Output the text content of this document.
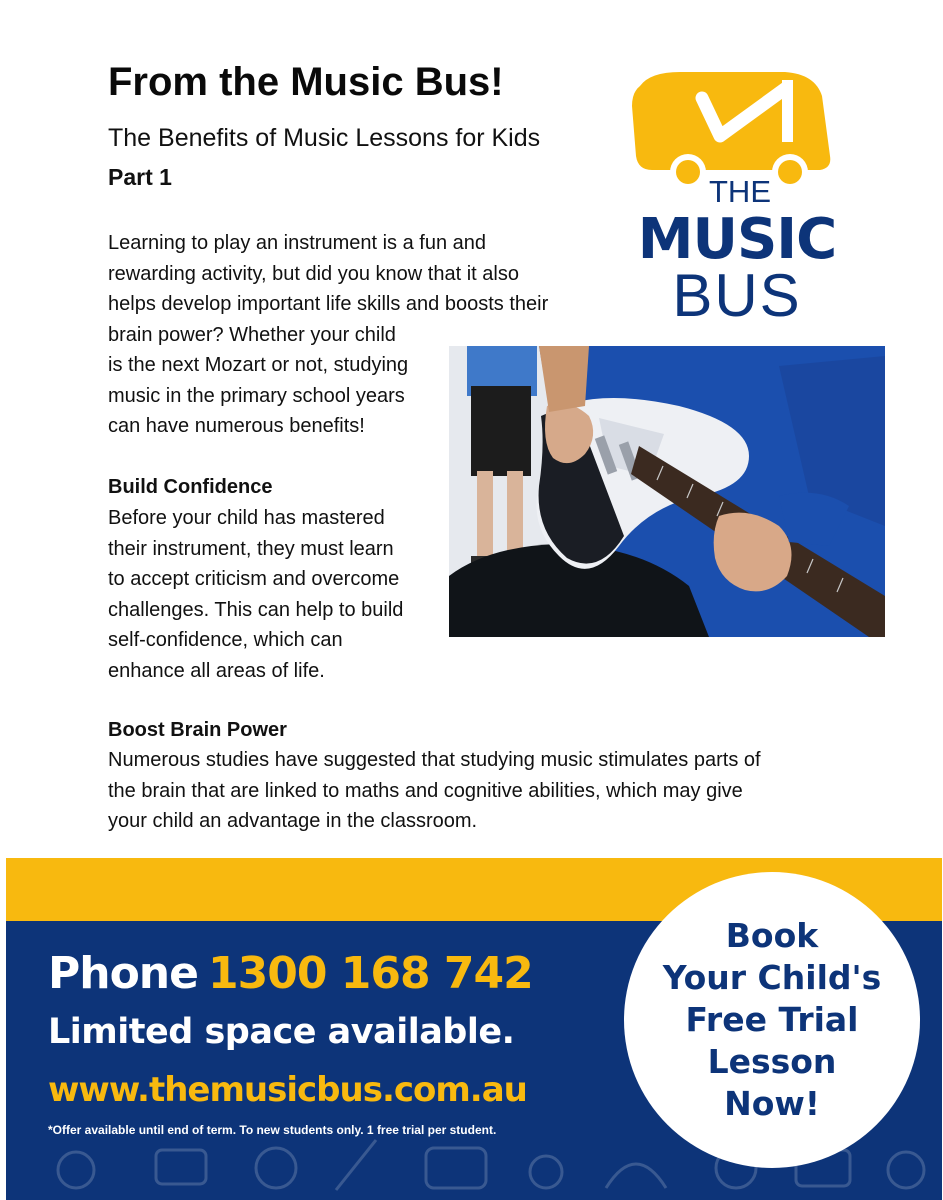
From the Music Bus!

The Benefits of Music Lessons for Kids

Part 1	THE
MUSIC
BUS

Learning to play an instrument is a fun and
rewarding activity, but did you know that it also
helps develop important life skills and boosts their
brain power? Whether your child
is the next Mozart or not, studying
music in the primary school years
can have numerous benefits!

Build Confidence

Before your child has mastered
their instrument, they must learn
to accept criticism and overcome
challenges. This can help to build
self-confidence, which can
enhance all areas of life.

Boost Brain Power

Numerous studies have suggested that studying music stimulates parts of
the brain that are linked to maths and cognitive abilities, which may give
your child an advantage in the classroom.

Phone 1300 168 742

Limited space available.

www.themusicbus.com.au

*Offer available until end of term. To new students only. 1 free trial per student.

Book
Your Child's
Free Trial
Lesson
Now!
